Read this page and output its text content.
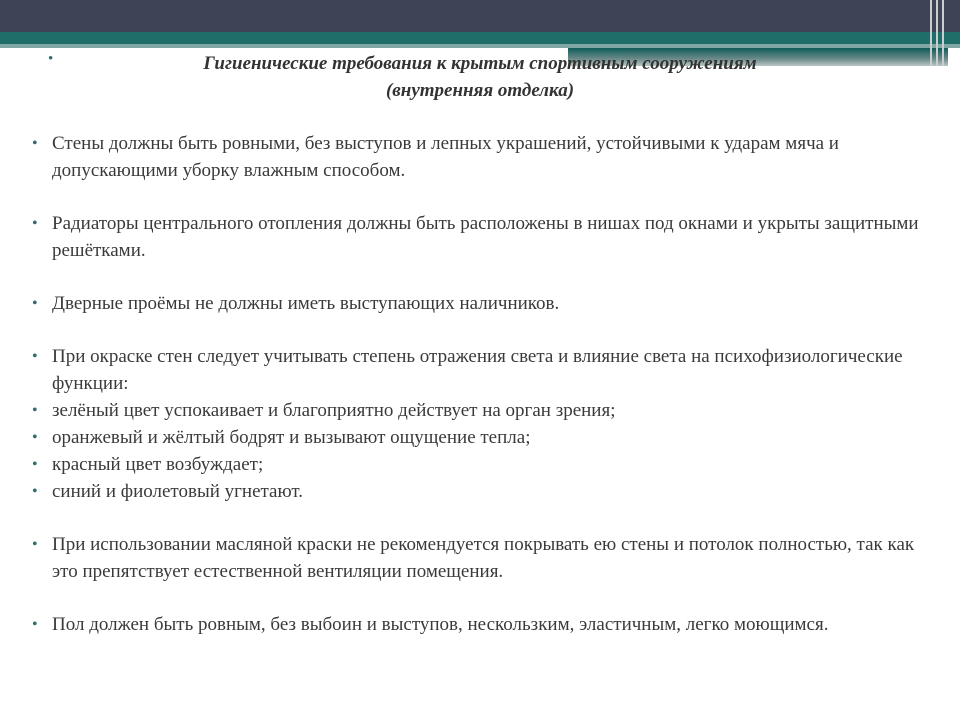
•	Гигиенические требования к крытым спортивным сооружениям
(внутренняя отделка)
• Стены должны быть ровными, без выступов и лепных украшений, устойчивыми к ударам мяча и допускающими уборку влажным способом.
• Радиаторы центрального отопления должны быть расположены в нишах под окнами и укрыты защитными решётками.
• Дверные проёмы не должны иметь выступающих наличников.
• При окраске стен следует учитывать степень отражения света и влияние света на психофизиологические функции:
• зелёный цвет успокаивает и благоприятно действует на орган зрения;
• оранжевый и жёлтый бодрят и вызывают ощущение тепла;
• красный цвет возбуждает;
• синий и фиолетовый угнетают.
• При использовании масляной краски не рекомендуется покрывать ею стены и потолок полностью, так как это препятствует естественной вентиляции помещения.
• Пол должен быть ровным, без выбоин и выступов, нескользким, эластичным, легко моющимся.
